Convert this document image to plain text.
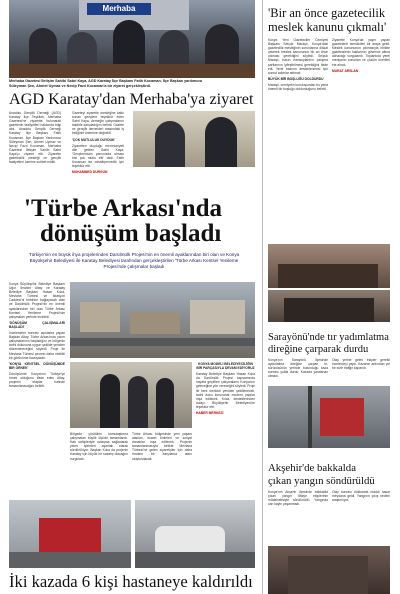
Merhaba
Merhaba Gazetesi İletişim Sahibi Sabri Kaya, AGD Karatay İlçe Başkanı Fatih Kocaman, İlçe Başkan yardımcısı
Süleyman Şen, Ahmet Uymaz ve Necip Fazıl Kocaman'a bir ziyaret gerçekleştirdi.
AGD Karatay'dan Merhaba'ya ziyaret
Anadolu Gençlik Derneği (AGD) Karatay İlçe Teşkilatı, Merhaba Gazetesi'ne ziyarette bulunarak gazetenin faaliyetleri hakkında bilgi aldı. Anadolu Gençlik Derneği Karatay İlçe Başkanı Fatih Kocaman, İlçe Başkan Yardımcısı Süleyman Şen, Ahmet Uymaz ve Necip Fazıl Kocaman, Merhaba Gazetesi İletişim Sahibi Sabri Kaya'yı ziyaret etti. Ziyarette gazetecilik mesleği ve gençlik faaliyetleri üzerine sohbet edildi.
Gazeteyi ziyaretle mesleğine katkı sunan gençlere teşekkür eden Sabri Kaya, derneğin çalışmalarını takdirle karşıladığını belirtti. Gazete ve gençlik dernekleri arasındaki iş birliğinin önemine değinildi.
'ÇOK MUTLULUK DUYDUK'
Ziyaretten duyduğu memnuniyeti dile getiren Sabri Kaya, 'Gençlerimizin yanımızda olması bizi çok mutlu etti' dedi. Fatih Kocaman ise misafirperverlik için teşekkür etti.
MUHAMMED DURGUN
'Türbe Arkası'nda
dönüşüm başladı
Türkiye'nin en büyük ihya projelerinden Darülmülk Projesi'nin en önemli ayaklarından biri olan ve Konya Büyükşehir Belediyesi ile Karatay Belediyesi tarafından gerçekleştirilen 'Türbe Arkası Kentsel Yenileme Projesi'nde çalışmalar başladı
Konya Büyükşehir Belediye Başkanı Uğur İbrahim Altay ve Karatay Belediye Başkanı Hasan Kılca, Mevlana Türbesi ve İstasyon Caddesi'ni birbirine bağlayacak olan ve Darülmülk Projesi'nin en önemli ayaklarından biri olan Türbe Arkası Kentsel Yenileme Projesi'nde çalışmaları yerinde inceledi.
'DÖNÜŞÜM ÇALIŞMALARI BAŞLADI'
İncelemeler sonrası açıklama yapan Başkan Altay, Türbe Arkası'nda yıkım çalışmalarının başladığını ve bölgenin tarihi dokusuna uygun şekilde yeniden düzenleneceğini söyledi. Proje ile Mevlana Türbesi çevresi daha nitelikli bir görünüme kavuşacak.
'KONYA KENTSEL DÖNÜŞÜMDE BİR ÖRNEK'
Dönüşümde Konya'nın Türkiye'ye örnek olduğunu ifade eden Altay, projenin etaplar halinde tamamlanacağını belirtti.
KONYA MODELİ BELEDİYECİLİĞİN BİR PARÇASIYLA DEVAM EDİYORUZ
Karatay Belediye Başkanı Hasan Kılca da Darülmülk Projesi kapsamında hayata geçirilen çalışmaların Konya'nın geleceğine yön vereceğini söyledi. Proje ile kent merkezi yeniden şekillenecek, tarihi doku korunarak modern yapılar inşa edilecek. Kılca, desteklerinden dolayı Büyükşehir Belediyesi'ne teşekkür etti.
HABER MERKEZİ
Bölgede yürütülen kamulaştırma çalışmaları büyük ölçüde tamamlandı. Hak sahipleriyle uzlaşma sağlanarak yıkım işlemleri aşamalı olarak sürdürülüyor. Başkan Kılca da projenin Karatay için büyük bir kazanç olacağını vurguladı.
Türbe Arkası bölgesinde yeni yaşam alanları, ticaret birimleri ve sosyal donatılar inşa edilecek. Projenin tamamlanmasıyla birlikte Mevlana Türbesi'ne gelen ziyaretçiler için daha modern bir karşılama alanı oluşturulacak.
İki kazada 6 kişi hastaneye kaldırıldı
'Bir an önce gazetecilik
meslek kanunu çıkmalı'
Konya Yeni Gazeteciler Cemiyeti Başkanı Selçuk Maraşlı, Konya'daki gazetecilik mesleğinin sorunlarına dikkat çekerek meslek kanununun bir an önce çıkması gerektiğini söyledi. Selçuk Maraşlı, basın mensuplarının çalışma şartlarının iyileştirilmesi gerektiğini ifade etti. Yerel basının desteklenmesi için somut adımlar atılmalı.
BÜYÜK BİR BOŞLUĞU DOLDURDU
Maraşlı, cemiyetin kuruluşundan bu yana önemli bir boşluğu doldurduğunu belirtti.
Ziyarette Konya'da yayın yapan gazetelerin temsilcileri bir araya geldi. Meslek kanununun çıkmasıyla birlikte gazetecilerin haklarının güvence altına alınacağı vurgulandı. Toplantıda yerel medyanın sorunları ve çözüm önerileri ele alındı.
MURAT ARSLAN
Sarayönü'nde tır yadımlatma
direğine çarparak durdu
Konya'nın Sarayönü ilçesinde aydınlatma direğine çarpan tır, sürücüsünün yerinde bulunduğu kaza sonrası yolda durdu. Kazada yaralanan olmadı.
Olay yerine gelen ekipler gerekli incelemeyi yaptı. Kazanın ardından yol bir süre trafiğe kapandı.
Akşehir'de bakkalda
çıkan yangın söndürüldü
Konya'nın Akşehir ilçesinde bakkalda çıkan yangın itfaiye ekiplerinin müdahalesiyle söndürüldü. Yangında can kaybı yaşanmadı.
Olay sonrası dükkanda maddi hasar meydana geldi. Yangının çıkış nedeni araştırılıyor.
